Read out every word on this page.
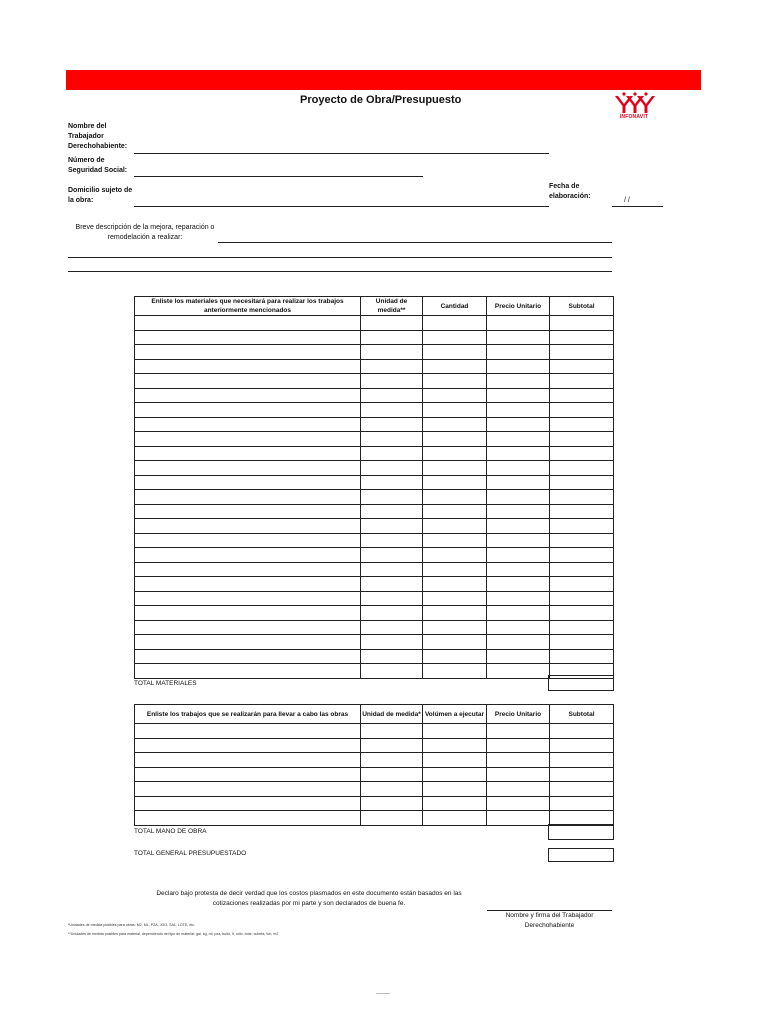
Proyecto de Obra/Presupuesto
INFONAVIT
Nombre del Trabajador Derechohabiente:
Número de Seguridad Social:
Domicilio sujeto de la obra:
Fecha de elaboración:
/ /
Breve descripción de la mejora, reparación o remodelación a realizar:
Enliste los materiales que necesitará para realizar los trabajos anteriormente mencionados	Unidad de medida**	Cantidad	Precio Unitario	Subtotal

TOTAL MATERIALES
Enliste los trabajos que se realizarán para llevar a cabo las obras	Unidad de medida*	Volúmen a ejecutar	Precio Unitario	Subtotal

TOTAL MANO DE OBRA
TOTAL GENERAL PRESUPUESTADO
Declaro bajo protesta de decir verdad que los costos plasmados en este documento están basados en las cotizaciones realizadas por mi parte y son declarados de buena fe.
Nombre y firma del Trabajador Derechohabiente
*Unidades de medida posibles para obras: M2, ML, PZA, JGO, SAL, LOTE, etc.
**Unidades de medida posibles para material, dependiendo del tipo de material: gal, kg, ml, pza, bulto, lt, rollo, bote, cubeta, ton, m2
